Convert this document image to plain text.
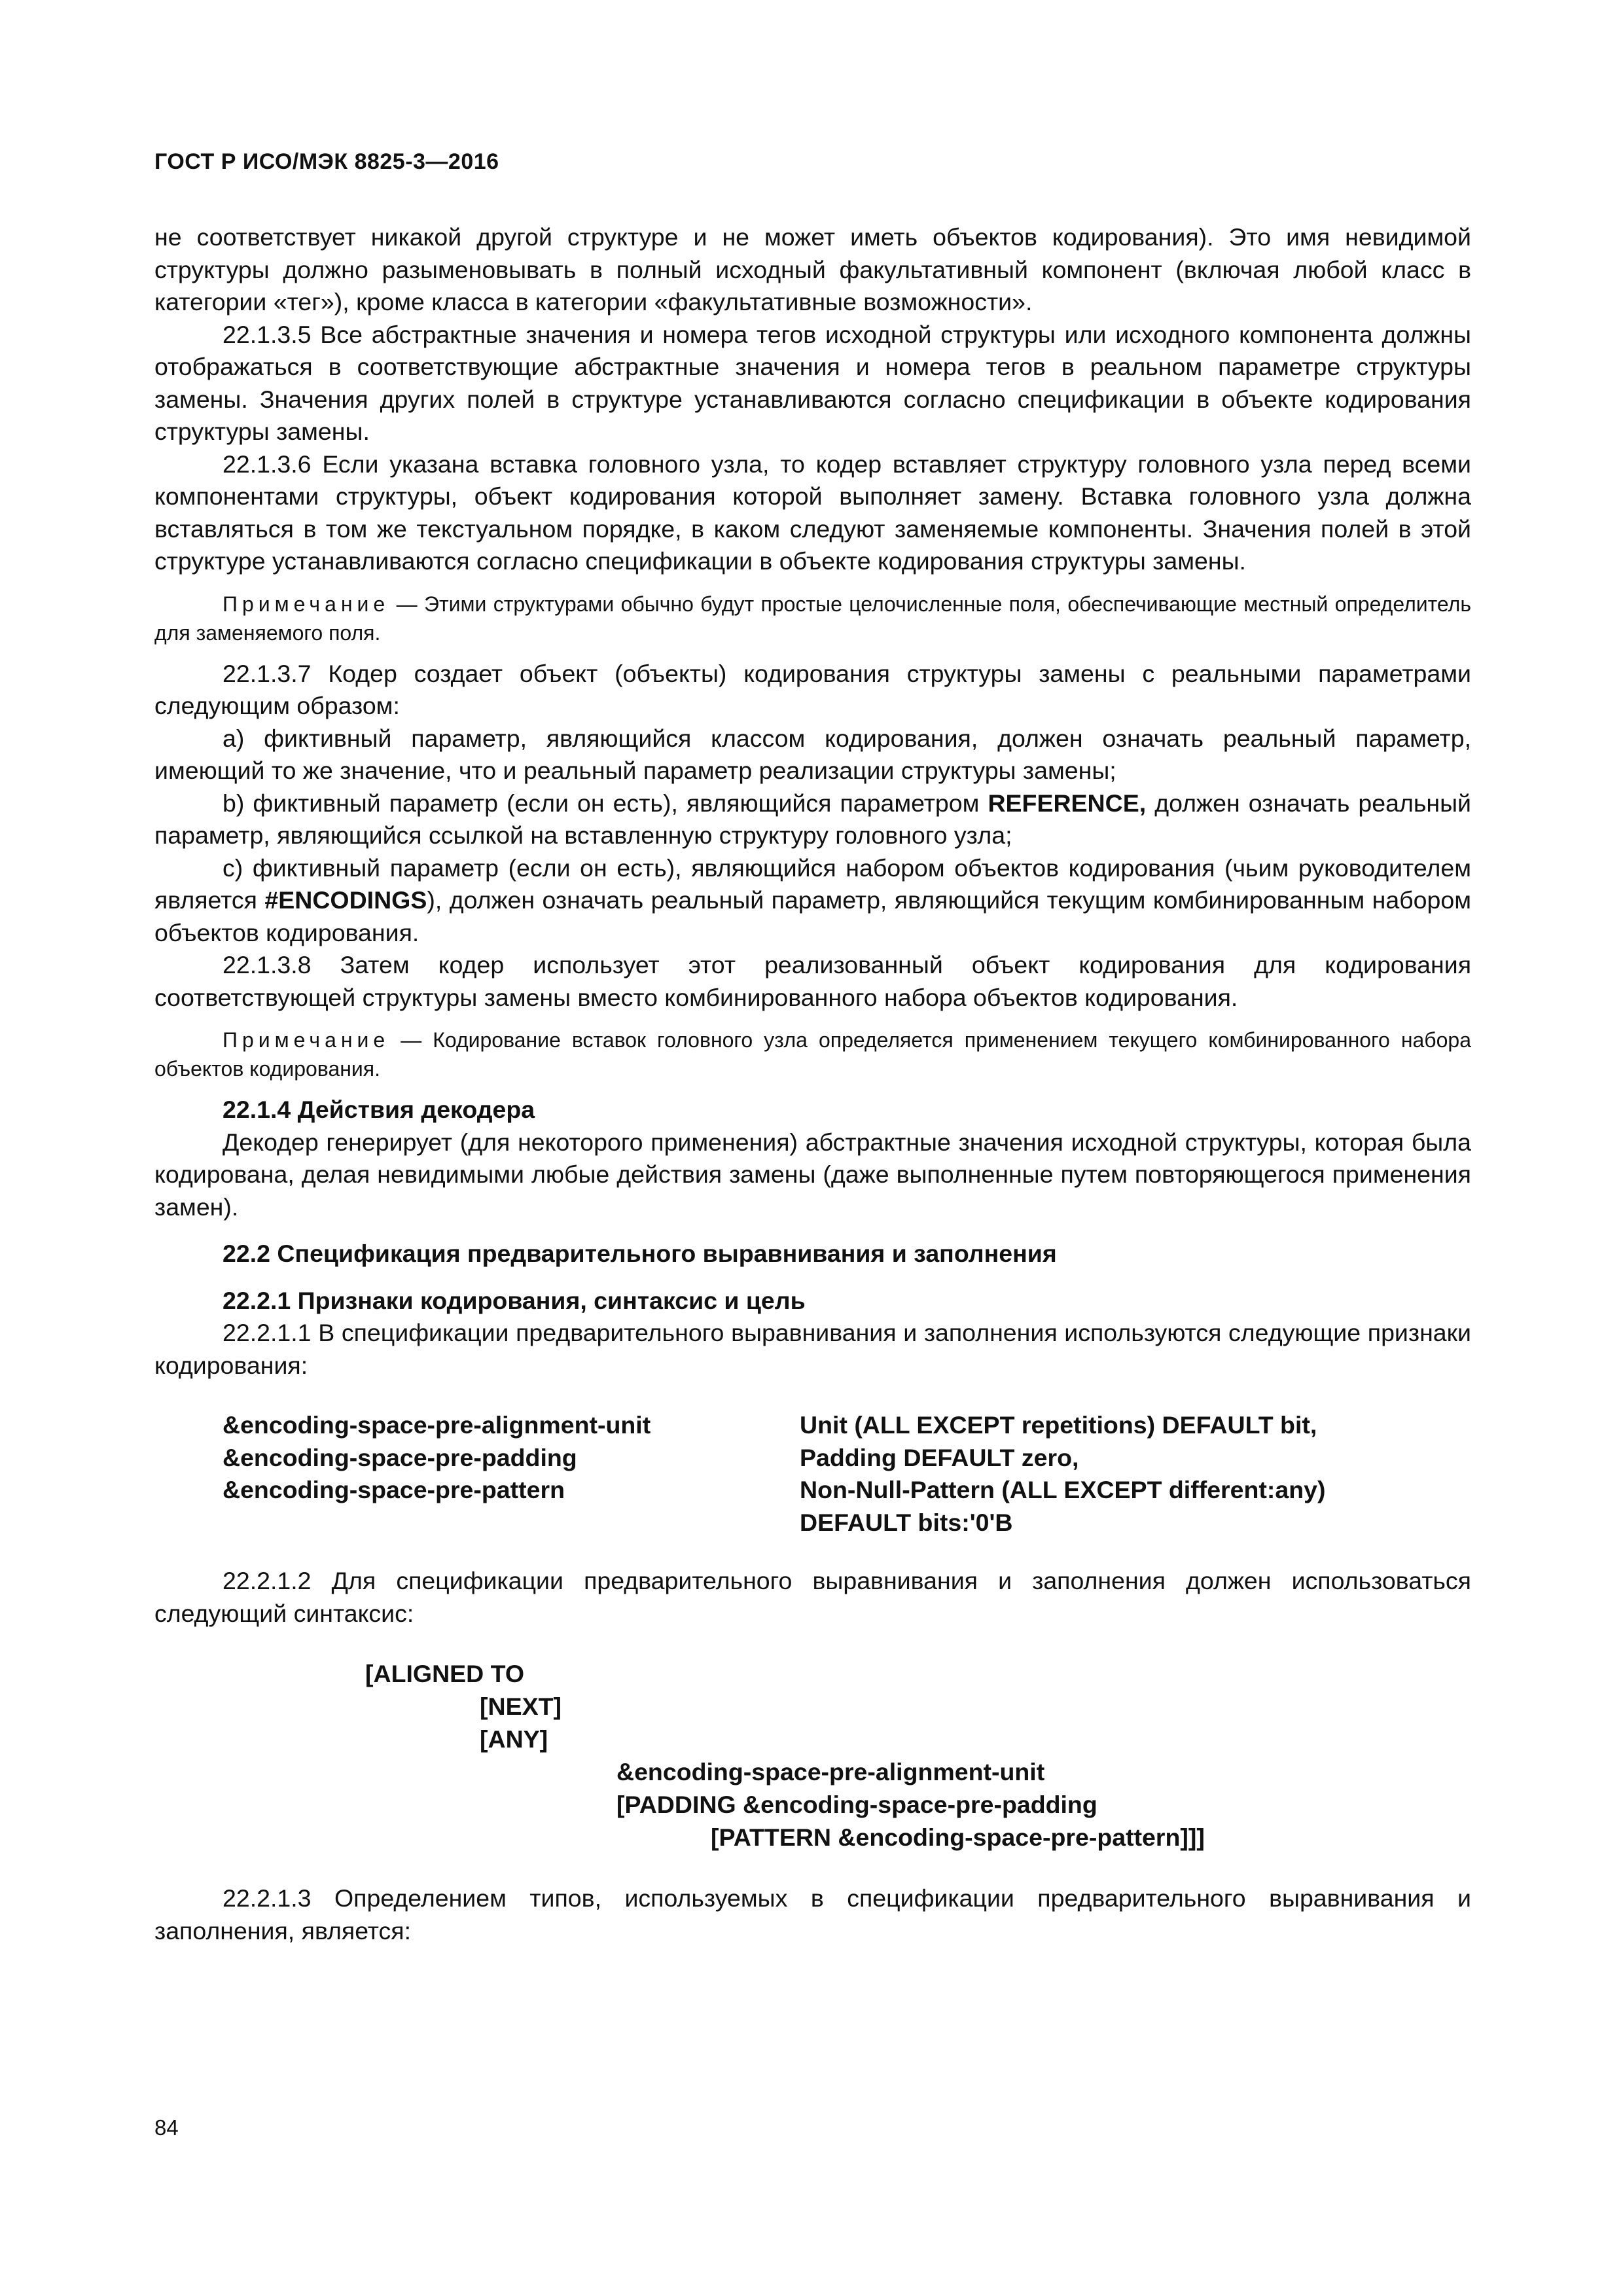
ГОСТ Р ИСО/МЭК 8825-3—2016

не соответствует никакой другой структуре и не может иметь объектов кодирования). Это имя невидимой структуры должно разыменовывать в полный исходный факультативный компонент (включая любой класс в категории «тег»), кроме класса в категории «факультативные возможности».

22.1.3.5 Все абстрактные значения и номера тегов исходной структуры или исходного компонента должны отображаться в соответствующие абстрактные значения и номера тегов в реальном параметре структуры замены. Значения других полей в структуре устанавливаются согласно спецификации в объекте кодирования структуры замены.

22.1.3.6 Если указана вставка головного узла, то кодер вставляет структуру головного узла перед всеми компонентами структуры, объект кодирования которой выполняет замену. Вставка головного узла должна вставляться в том же текстуальном порядке, в каком следуют заменяемые компоненты. Значения полей в этой структуре устанавливаются согласно спецификации в объекте кодирования структуры замены.

Примечание — Этими структурами обычно будут простые целочисленные поля, обеспечивающие местный определитель для заменяемого поля.

22.1.3.7 Кодер создает объект (объекты) кодирования структуры замены с реальными параметрами следующим образом:

а) фиктивный параметр, являющийся классом кодирования, должен означать реальный параметр, имеющий то же значение, что и реальный параметр реализации структуры замены;

b) фиктивный параметр (если он есть), являющийся параметром REFERENCE, должен означать реальный параметр, являющийся ссылкой на вставленную структуру головного узла;

с) фиктивный параметр (если он есть), являющийся набором объектов кодирования (чьим руководителем является #ENCODINGS), должен означать реальный параметр, являющийся текущим комбинированным набором объектов кодирования.

22.1.3.8 Затем кодер использует этот реализованный объект кодирования для кодирования соответствующей структуры замены вместо комбинированного набора объектов кодирования.

Примечание — Кодирование вставок головного узла определяется применением текущего комбинированного набора объектов кодирования.

22.1.4 Действия декодера

Декодер генерирует (для некоторого применения) абстрактные значения исходной структуры, которая была кодирована, делая невидимыми любые действия замены (даже выполненные путем повторяющегося применения замен).

22.2 Спецификация предварительного выравнивания и заполнения

22.2.1 Признаки кодирования, синтаксис и цель

22.2.1.1 В спецификации предварительного выравнивания и заполнения используются следующие признаки кодирования:

&encoding-space-pre-alignment-unit	Unit (ALL EXCEPT repetitions) DEFAULT bit,
&encoding-space-pre-padding	Padding DEFAULT zero,
&encoding-space-pre-pattern	Non-Null-Pattern (ALL EXCEPT different:any)
DEFAULT bits:'0'B

22.2.1.2 Для спецификации предварительного выравнивания и заполнения должен использоваться следующий синтаксис:

[ALIGNED TO
[NEXT]
[ANY]
&encoding-space-pre-alignment-unit
[PADDING &encoding-space-pre-padding
[PATTERN &encoding-space-pre-pattern]]]

22.2.1.3 Определением типов, используемых в спецификации предварительного выравнивания и заполнения, является:

84
